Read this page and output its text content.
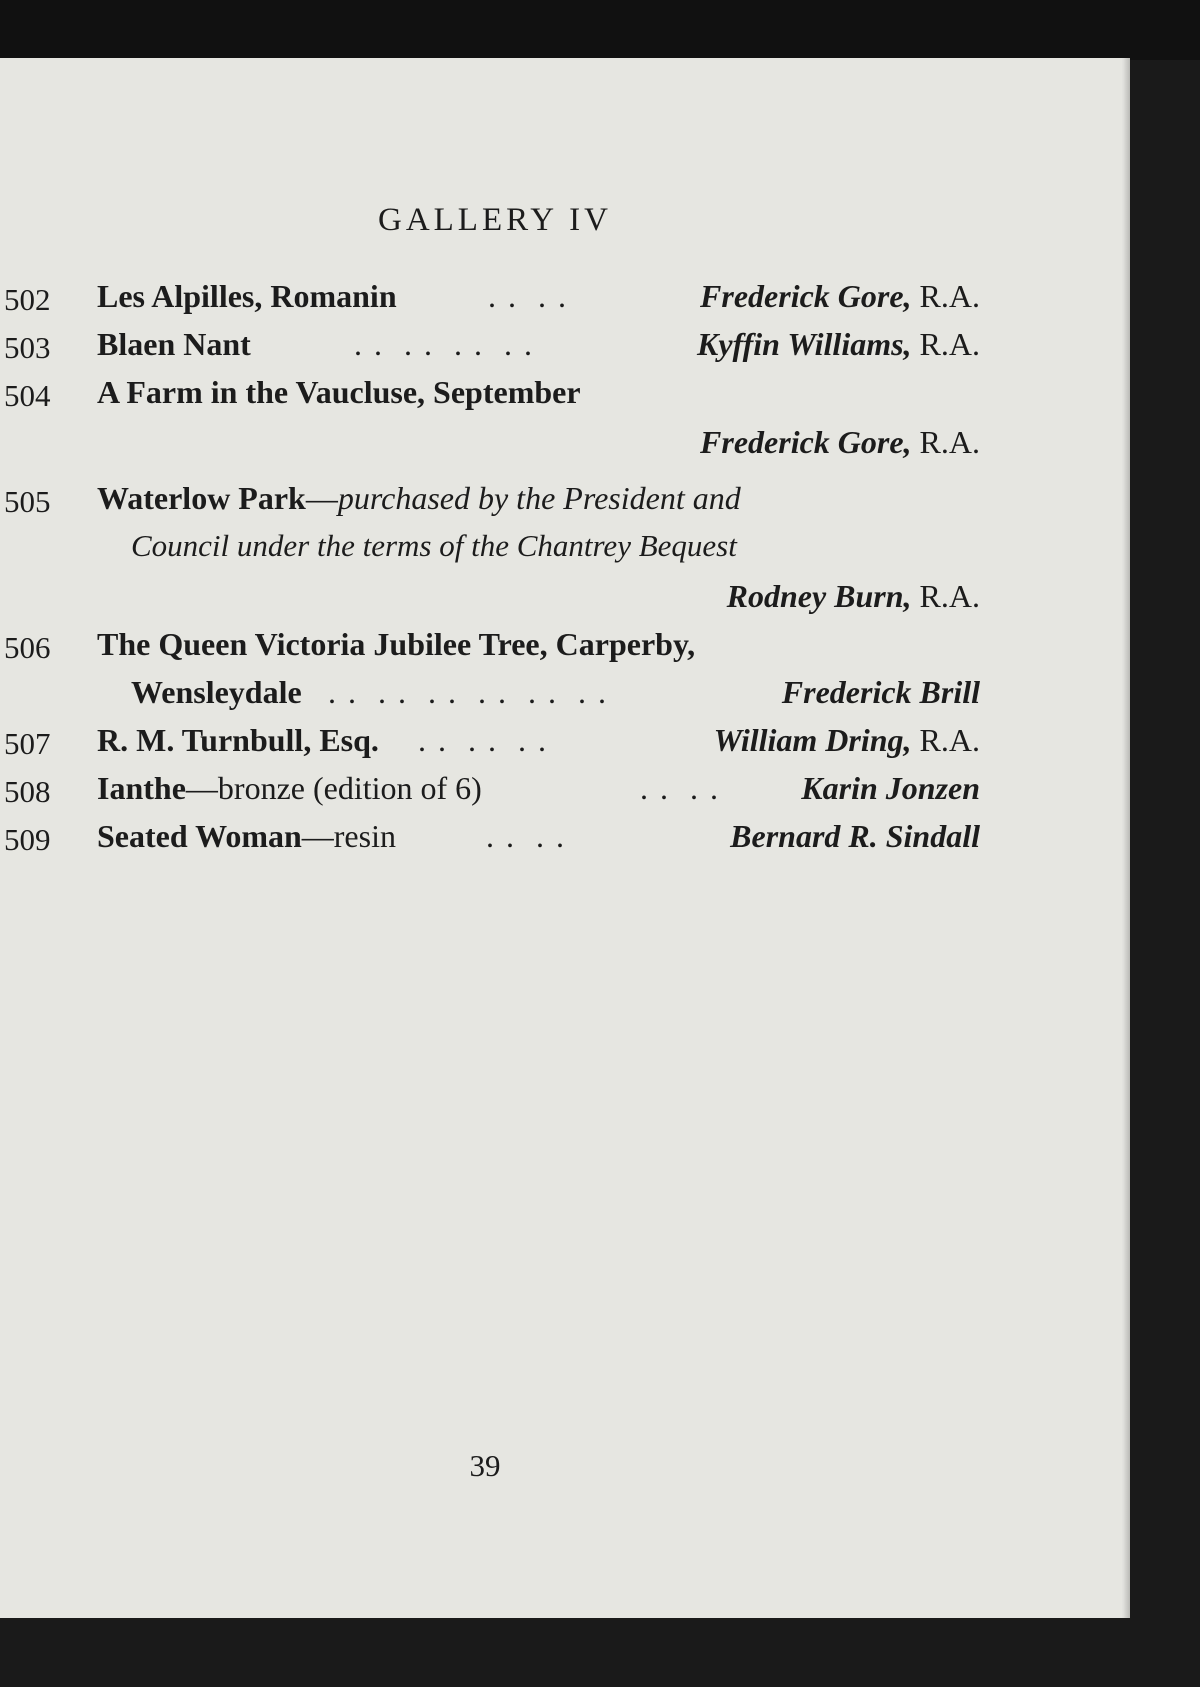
GALLERY IV
502	Les Alpilles, Romanin	. .  . .	Frederick Gore, R.A.
503	Blaen Nant	. .  . .  . .  . .	Kyffin Williams, R.A.
504	A Farm in the Vaucluse, September
Frederick Gore, R.A.
505	Waterlow Park—purchased by the President and
Council under the terms of the Chantrey Bequest
Rodney Burn, R.A.
506	The Queen Victoria Jubilee Tree, Carperby,
Wensleydale . .  . .  . .  . .  . .  . .	Frederick Brill
507	R. M. Turnbull, Esq. . .  . .  . .	William Dring, R.A.
508	Ianthe—bronze (edition of 6)	. .  . .	Karin Jonzen
509	Seated Woman—resin	. .  . .	Bernard R. Sindall
39
